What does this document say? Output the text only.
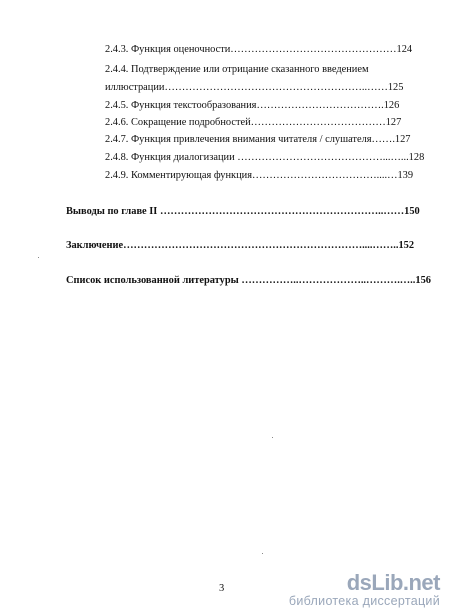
2.4.3. Функция оценочности…………………………………………124
2.4.4. Подтверждение или отрицание сказанного введением
иллюстрации…………………………………………………..……125
2.4.5. Функция текстообразования……………………………….126
2.4.6. Сокращение подробностей…………………………………127
2.4.7. Функция привлечения внимания читателя / слушателя…….127
2.4.8. Функция диалогизации ……………………………………...…...128
2.4.9. Комментирующая функция………………………………....…139
Выводы по главе II ………………………………………………………..……150
Заключение……………………………………………………………....……..152
Список использованной литературы ……………..………………..……….…..156
3	dsLib.net
библиотека диссертаций
